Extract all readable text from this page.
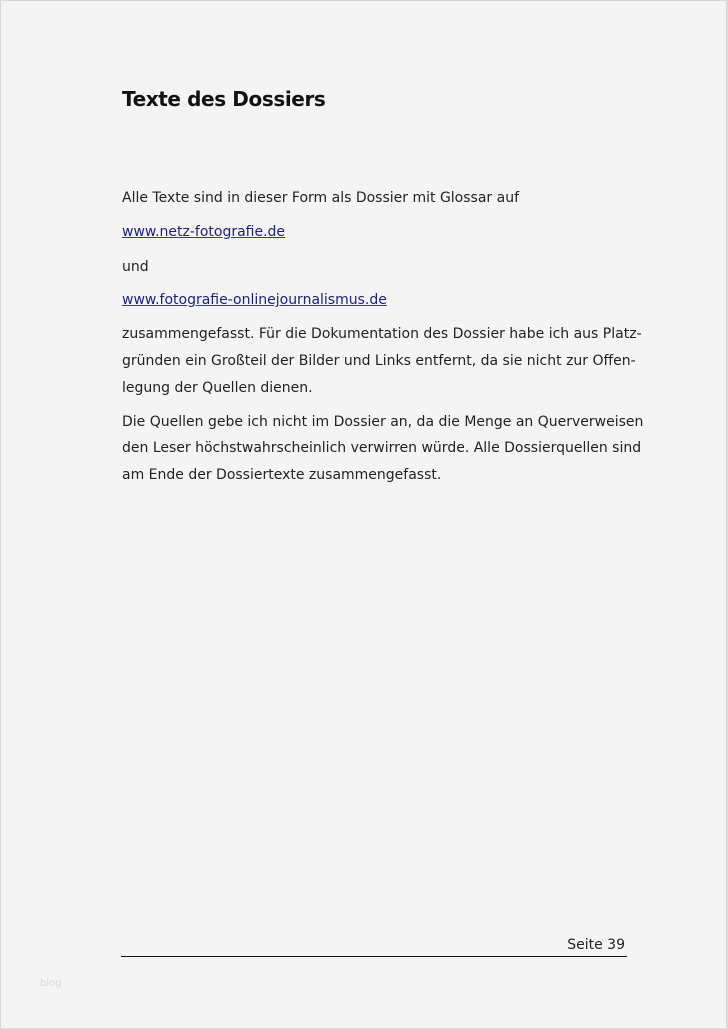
Texte des Dossiers

Alle Texte sind in dieser Form als Dossier mit Glossar auf

www.netz-fotografie.de

und

www.fotografie-onlinejournalismus.de

zusammengefasst. Für die Dokumentation des Dossier habe ich aus Platz-

gründen ein Großteil der Bilder und Links entfernt, da sie nicht zur Offen-

legung der Quellen dienen.

Die Quellen gebe ich nicht im Dossier an, da die Menge an Querverweisen

den Leser höchstwahrscheinlich verwirren würde. Alle Dossierquellen sind

am Ende der Dossiertexte zusammengefasst.

Seite 39
blog
